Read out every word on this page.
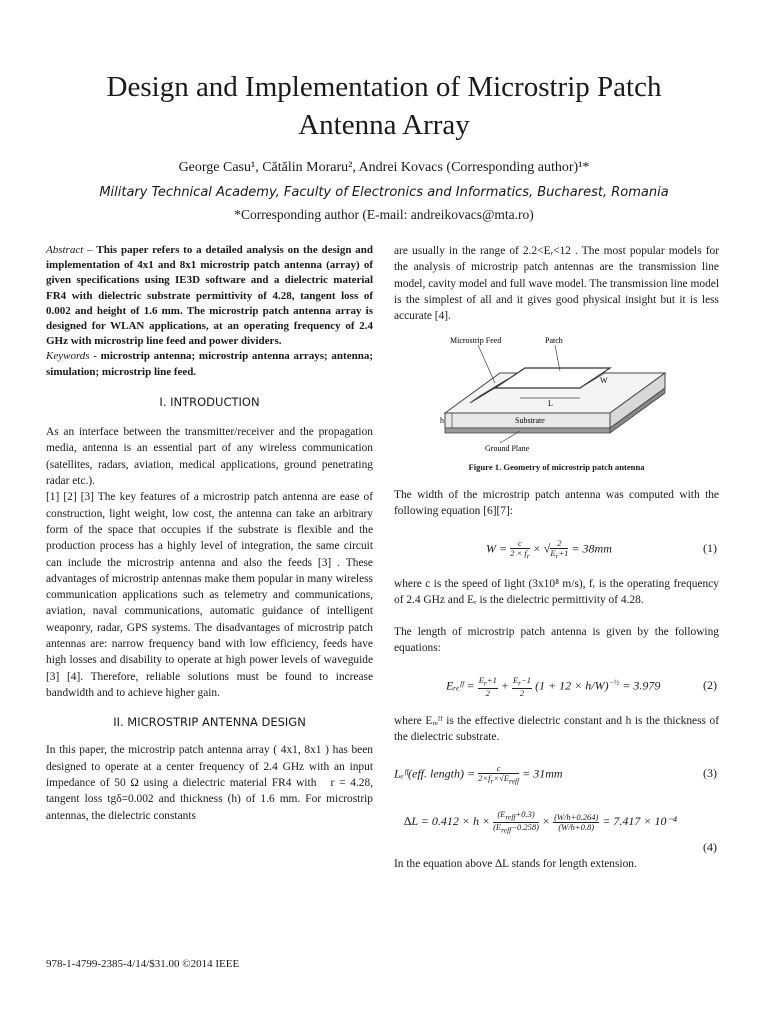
Design and Implementation of Microstrip Patch
Antenna Array
George Casu¹, Cătălin Moraru², Andrei Kovacs (Corresponding author)¹*
Military Technical Academy, Faculty of Electronics and Informatics, Bucharest, Romania
*Corresponding author (E-mail: andreikovacs@mta.ro)

Abstract – This paper refers to a detailed analysis on the design and implementation of 4x1 and 8x1 microstrip patch antenna (array) of given specifications using IE3D software and a dielectric material FR4 with dielectric substrate permittivity of 4.28, tangent loss of 0.002 and height of 1.6 mm. The microstrip patch antenna array is designed for WLAN applications, at an operating frequency of 2.4 GHz with microstrip line feed and power dividers.

Keywords - microstrip antenna; microstrip antenna arrays; antenna; simulation; microstrip line feed.

I. INTRODUCTION

As an interface between the transmitter/receiver and the propagation media, antenna is an essential part of any wireless communication (satellites, radars, aviation, medical applications, ground penetrating radar etc.).

[1] [2] [3] The key features of a microstrip patch antenna are ease of construction, light weight, low cost, the antenna can take an arbitrary form of the space that occupies if the substrate is flexible and the production process has a highly level of integration, the same circuit can include the microstrip antenna and also the feeds [3] . These advantages of microstrip antennas make them popular in many wireless communication applications such as telemetry and communications, aviation, naval communications, automatic guidance of intelligent weaponry, radar, GPS systems. The disadvantages of microstrip patch antennas are: narrow frequency band with low efficiency, feeds have high losses and disability to operate at high power levels of waveguide [3] [4]. Therefore, reliable solutions must be found to increase bandwidth and to achieve higher gain.

II. MICROSTRIP ANTENNA DESIGN

In this paper, the microstrip patch antenna array ( 4x1, 8x1 ) has been designed to operate at a center frequency of 2.4 GHz with an input impedance of 50 Ω using a dielectric material FR4 with   r = 4.28, tangent loss tgδ=0.002 and thickness (h) of 1.6 mm. For microstrip antennas, the dielectric constants

are usually in the range of 2.2<Eᵣ<12 . The most popular models for the analysis of microstrip patch antennas are the transmission line model, cavity model and full wave model. The transmission line model is the simplest of all and it gives good physical insight but it is less accurate [4].
Microstrip Feed	Patch
W
L
h	Substrate
Ground Plane
Figure 1. Geometry of microstrip patch antenna
The width of the microstrip patch antenna was computed with the following equation [6][7]:
$W = \frac{c}{2 \times f_r}$ × √ $\frac{2}{E_r+1} = 38mm$	(1)
where c is the speed of light (3x10⁸ m/s), fᵣ is the operating frequency of 2.4 GHz and Eᵣ is the dielectric permittivity of 4.28.
The length of microstrip patch antenna is given by the following equations:
Eᵣₑᶠᶠ = $\frac{E_r+1}{2} + \frac{E_r-1}{2} (1 + 12 \times h/W)^{-\frac{1}{2}} = 3.979$	(2)
where Eᵣₑᶠᶠ is the effective dielectric constant and h is the thickness of the dielectric substrate.
Lₑᶠᶠ(eff. length) = $\frac{c}{2\times f_r\times√E_{reff}} = 31mm$	(3)
$\Delta L = 0.412 \times h \times \frac{(E_{reff}+0.3)}{(E_{reff}-0.258)} \times \frac{(W/h+0.264)}{(W/h+0.8)} = 7.417 \times 10^{-4}$
(4)
In the equation above ∆L stands for length extension.
978-1-4799-2385-4/14/$31.00 ©2014 IEEE
